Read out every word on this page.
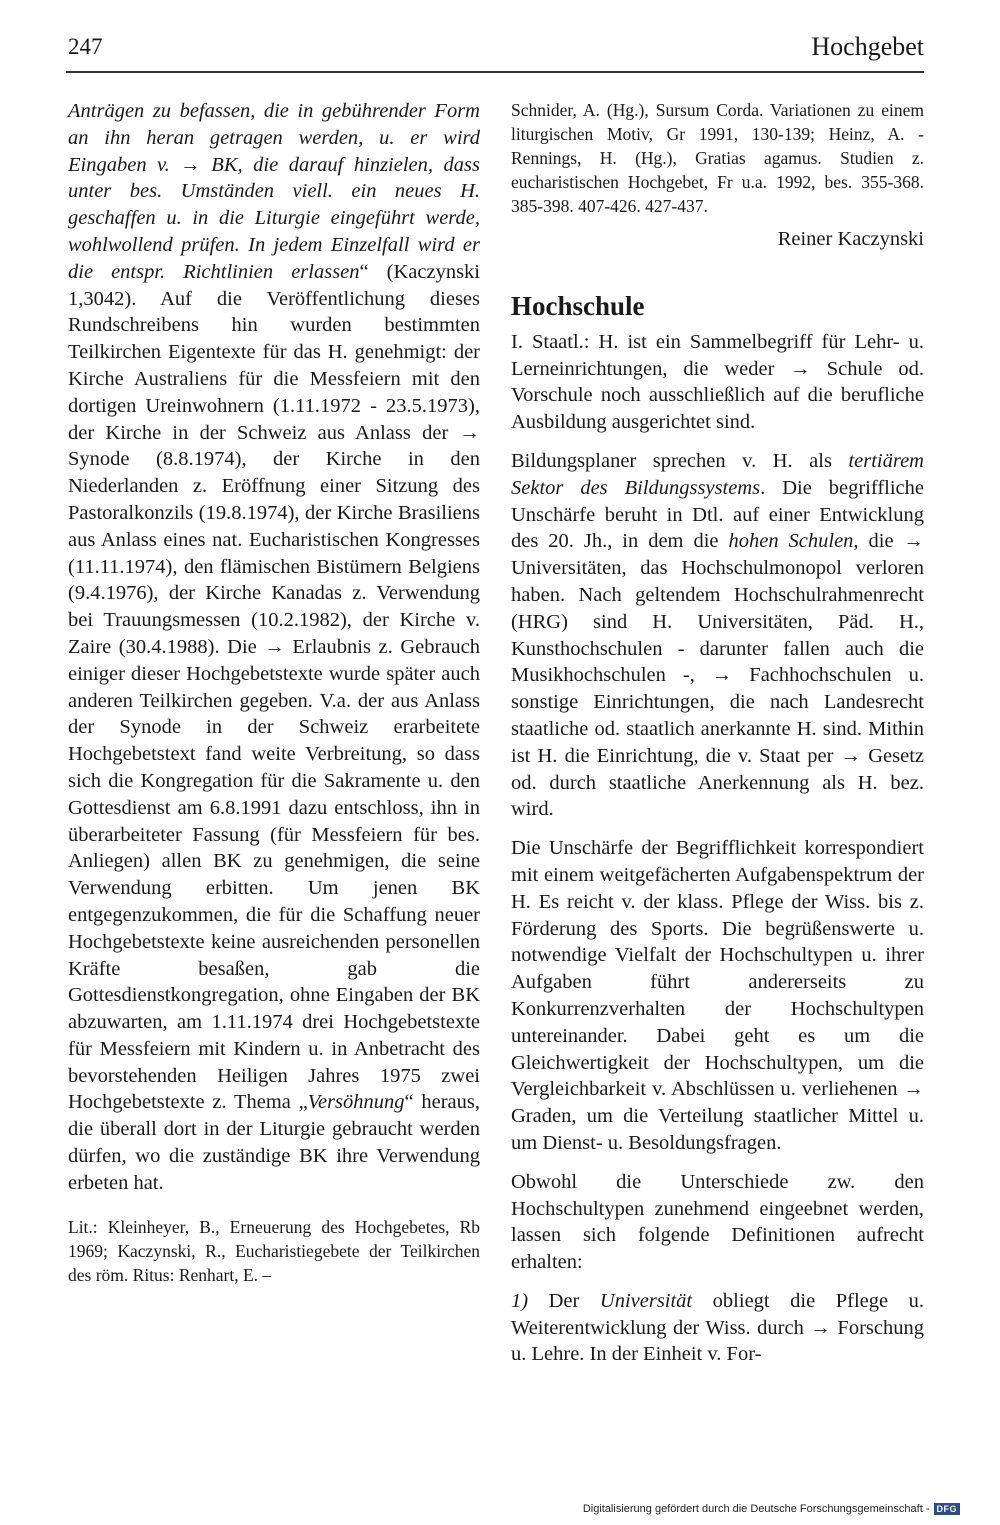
247	Hochgebet

Anträgen zu befassen, die in gebührender Form an ihn heran getragen werden, u. er wird Eingaben v. → BK, die darauf hinzielen, dass unter bes. Umständen viell. ein neues H. geschaffen u. in die Liturgie eingeführt werde, wohlwollend prüfen. In jedem Einzelfall wird er die entspr. Richtlinien erlassen“ (Kaczynski 1,3042). Auf die Veröffentlichung dieses Rundschreibens hin wurden bestimmten Teilkirchen Eigentexte für das H. genehmigt: der Kirche Australiens für die Messfeiern mit den dortigen Ureinwohnern (1.11.1972 - 23.5.1973), der Kirche in der Schweiz aus Anlass der → Synode (8.8.1974), der Kirche in den Niederlanden z. Eröffnung einer Sitzung des Pastoralkonzils (19.8.1974), der Kirche Brasiliens aus Anlass eines nat. Eucharistischen Kongresses (11.11.1974), den flämischen Bistümern Belgiens (9.4.1976), der Kirche Kanadas z. Verwendung bei Trauungsmessen (10.2.1982), der Kirche v. Zaire (30.4.1988). Die → Erlaubnis z. Gebrauch einiger dieser Hochgebetstexte wurde später auch anderen Teilkirchen gegeben. V.a. der aus Anlass der Synode in der Schweiz erarbeitete Hochgebetstext fand weite Verbreitung, so dass sich die Kongregation für die Sakramente u. den Gottesdienst am 6.8.1991 dazu entschloss, ihn in überarbeiteter Fassung (für Messfeiern für bes. Anliegen) allen BK zu genehmigen, die seine Verwendung erbitten. Um jenen BK entgegenzukommen, die für die Schaffung neuer Hochgebetstexte keine ausreichenden personellen Kräfte besaßen, gab die Gottesdienstkongregation, ohne Eingaben der BK abzuwarten, am 1.11.1974 drei Hochgebetstexte für Messfeiern mit Kindern u. in Anbetracht des bevorstehenden Heiligen Jahres 1975 zwei Hochgebetstexte z. Thema „Versöhnung“ heraus, die überall dort in der Liturgie gebraucht werden dürfen, wo die zuständige BK ihre Verwendung erbeten hat.

Lit.: Kleinheyer, B., Erneuerung des Hochgebetes, Rb 1969; Kaczynski, R., Eucharistiegebete der Teilkirchen des röm. Ritus: Renhart, E. –

Schnider, A. (Hg.), Sursum Corda. Variationen zu einem liturgischen Motiv, Gr 1991, 130-139; Heinz, A. - Rennings, H. (Hg.), Gratias agamus. Studien z. eucharistischen Hochgebet, Fr u.a. 1992, bes. 355-368. 385-398. 407-426. 427-437.

Reiner Kaczynski

Hochschule

I. Staatl.: H. ist ein Sammelbegriff für Lehr- u. Lerneinrichtungen, die weder → Schule od. Vorschule noch ausschließlich auf die berufliche Ausbildung ausgerichtet sind.

Bildungsplaner sprechen v. H. als tertiärem Sektor des Bildungssystems. Die begriffliche Unschärfe beruht in Dtl. auf einer Entwicklung des 20. Jh., in dem die hohen Schulen, die → Universitäten, das Hochschulmonopol verloren haben. Nach geltendem Hochschulrahmenrecht (HRG) sind H. Universitäten, Päd. H., Kunsthochschulen - darunter fallen auch die Musikhochschulen -, → Fachhochschulen u. sonstige Einrichtungen, die nach Landesrecht staatliche od. staatlich anerkannte H. sind. Mithin ist H. die Einrichtung, die v. Staat per → Gesetz od. durch staatliche Anerkennung als H. bez. wird.

Die Unschärfe der Begrifflichkeit korrespondiert mit einem weitgefächerten Aufgabenspektrum der H. Es reicht v. der klass. Pflege der Wiss. bis z. Förderung des Sports. Die begrüßenswerte u. notwendige Vielfalt der Hochschultypen u. ihrer Aufgaben führt andererseits zu Konkurrenzverhalten der Hochschultypen untereinander. Dabei geht es um die Gleichwertigkeit der Hochschultypen, um die Vergleichbarkeit v. Abschlüssen u. verliehenen → Graden, um die Verteilung staatlicher Mittel u. um Dienst- u. Besoldungsfragen.

Obwohl die Unterschiede zw. den Hochschultypen zunehmend eingeebnet werden, lassen sich folgende Definitionen aufrecht erhalten:

1) Der Universität obliegt die Pflege u. Weiterentwicklung der Wiss. durch → Forschung u. Lehre. In der Einheit v. For-

Digitalisierung gefördert durch die Deutsche Forschungsgemeinschaft - DFG
